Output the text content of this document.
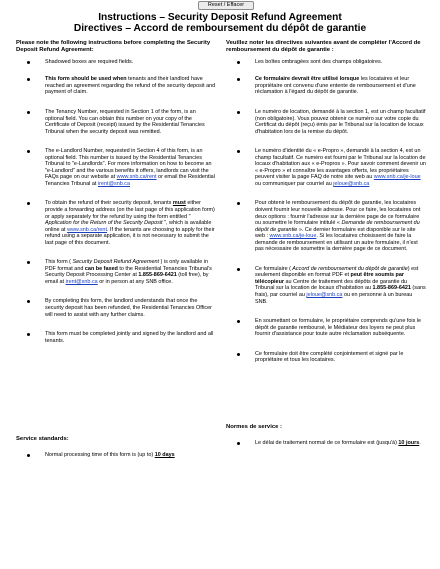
Reset / Effacer
Instructions – Security Deposit Refund Agreement
Directives – Accord de remboursement du dépôt de garantie
Please note the following instructions before completing the Security Deposit Refund Agreement:
Shadowed boxes are required fields.
This form should be used when tenants and their landlord have reached an agreement regarding the refund of the security deposit and payment of claim.
The Tenancy Number, requested in Section 1 of the form, is an optional field. You can obtain this number on your copy of the Certificate of Deposit (receipt) issued by the Residential Tenancies Tribunal when the security deposit was remitted.
The e-Landlord Number, requested in Section 4 of this form, is an optional field. This number is issued by the Residential Tenancies Tribunal to "e-Landlords". For more information on how to become an "e-Landlord" and the various benefits it offers, landlords can visit the FAQs page on our website at www.snb.ca/rent or email the Residential Tenancies Tribunal at irent@snb.ca
To obtain the refund of their security deposit, tenants must either provide a forwarding address (on the last page of this application form) or apply separately for the refund by using the form entitled " Application for the Return of the Security Deposit ", which is available online at www.snb.ca/rent. If the tenants are choosing to apply for their refund using a separate application, it is not necessary to submit the last page of this document.
This form ( Security Deposit Refund Agreement ) is only available in PDF format and can be faxed to the Residential Tenancies Tribunal's Security Deposit Processing Center at 1.855-869-6421 (toll free), by email at irent@snb.ca or in person at any SNB office.
By completing this form, the landlord understands that once the security deposit has been refunded, the Residential Tenancies Officer will need to assist with any further claims.
This form must be completed jointly and signed by the landlord and all tenants.
Service standards:
Normal processing time of this form is (up to) 10 days
Veuillez noter les directives suivantes avant de compléter l'Accord de remboursement du dépôt de garantie :
Les boîtes ombragées sont des champs obligatoires.
Ce formulaire devrait être utilisé lorsque les locataires et leur propriétaire ont convenu d'une entente de remboursement et d'une réclamation à l'égard du dépôt de garantie.
Le numéro de location, demandé à la section 1, est un champ facultatif (non obligatoire). Vous pouvez obtenir ce numéro sur votre copie du Certificat du dépôt (reçu) émis par le Tribunal sur la location de locaux d'habitation lors de la remise du dépôt.
Le numéro d'identité du « e-Propro », demandé à la section 4, est un champ facultatif. Ce numéro est fourni par le Tribunal sur la location de locaux d'habitation aux « e-Propros ». Pour savoir comment devenir un « e-Propro » et connaître les avantages offerts, les propriétaires peuvent visiter la page FAQ de notre site web au www.snb.ca/je-loue ou communiquer par courriel au jeloue@snb.ca
Pour obtenir le remboursement du dépôt de garantie, les locataires doivent fournir leur nouvelle adresse. Pour ce faire, les locataires ont deux options : fournir l'adresse sur la dernière page de ce formulaire ou soumettre le formulaire intitulé « Demande de remboursement du dépôt de garantie ». Ce dernier formulaire est disponible sur le site web : www.snb.ca/je-loue. Si les locataires choisissent de faire la demande de remboursement en utilisant un autre formulaire, il n'est pas nécessaire de soumettre la dernière page de ce document.
Ce formulaire ( Accord de remboursement du dépôt de garantie) est seulement disponible en format PDF et peut être soumis par télécopieur au Centre de traitement des dépôts de garantie du Tribunal sur la location de locaux d'habitation au 1.855-869-6421 (sans frais), par courriel au jeloue@snb.ca ou en personne à un bureau SNB.
En soumettant ce formulaire, le propriétaire comprends qu'une fois le dépôt de garantie remboursé, le Médiateur des loyers ne peut plus fournir d'assistance pour toute autre réclamation subséquente.
Ce formulaire doit être complété conjointement et signé par le propriétaire et tous les locataires.
Normes de service :
Le délai de traitement normal de ce formulaire est (jusqu'à) 10 jours.
